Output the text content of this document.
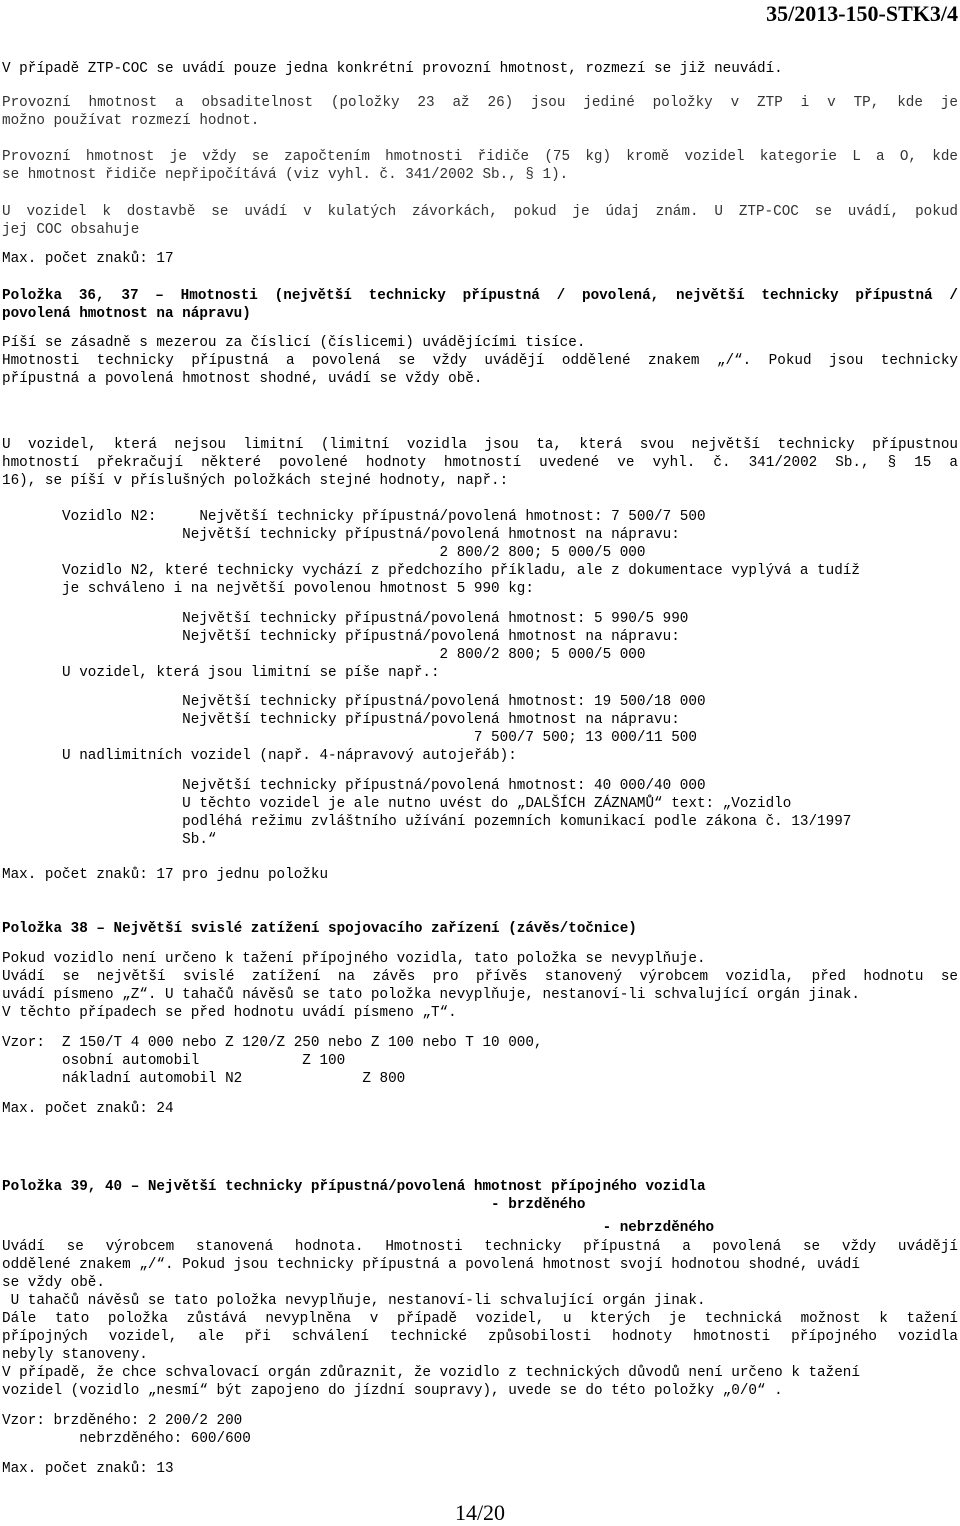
35/2013-150-STK3/4
V případě ZTP-COC se uvádí pouze jedna konkrétní provozní hmotnost, rozmezí se již neuvádí.
Provozní hmotnost a obsaditelnost (položky 23 až 26) jsou jediné položky v ZTP i v TP, kde je
možno používat rozmezí hodnot.
Provozní hmotnost je vždy se započtením hmotnosti řidiče (75 kg) kromě vozidel kategorie L a O, kde
se hmotnost řidiče nepřipočítává (viz vyhl. č. 341/2002 Sb., § 1).
U vozidel k dostavbě se uvádí v kulatých závorkách, pokud je údaj znám. U ZTP-COC se uvádí, pokud
jej COC obsahuje
Max. počet znaků: 17
Položka 36, 37 – Hmotnosti (největší technicky přípustná / povolená, největší technicky přípustná /
povolená hmotnost na nápravu)
Píší se zásadně s mezerou za číslicí (číslicemi) uvádějícími tisíce.
Hmotnosti technicky přípustná a povolená se vždy uvádějí oddělené znakem „/“. Pokud jsou technicky
přípustná a povolená hmotnost shodné, uvádí se vždy obě.
U vozidel, která nejsou limitní (limitní vozidla jsou ta, která svou největší technicky přípustnou
hmotností překračují některé povolené hodnoty hmotností uvedené ve vyhl. č. 341/2002 Sb., § 15 a
16), se píší v příslušných položkách stejné hodnoty, např.:
Vozidlo N2:     Největší technicky přípustná/povolená hmotnost: 7 500/7 500
Největší technicky přípustná/povolená hmotnost na nápravu:
2 800/2 800; 5 000/5 000
Vozidlo N2, které technicky vychází z předchozího příkladu, ale z dokumentace vyplývá a tudíž
je schváleno i na největší povolenou hmotnost 5 990 kg:
Největší technicky přípustná/povolená hmotnost: 5 990/5 990
Největší technicky přípustná/povolená hmotnost na nápravu:
2 800/2 800; 5 000/5 000
U vozidel, která jsou limitní se píše např.:
Největší technicky přípustná/povolená hmotnost: 19 500/18 000
Největší technicky přípustná/povolená hmotnost na nápravu:
7 500/7 500; 13 000/11 500
U nadlimitních vozidel (např. 4-nápravový autojeřáb):
Největší technicky přípustná/povolená hmotnost: 40 000/40 000
U těchto vozidel je ale nutno uvést do „DALŠÍCH ZÁZNAMŮ“ text: „Vozidlo
podléhá režimu zvláštního užívání pozemních komunikací podle zákona č. 13/1997
Sb.“
Max. počet znaků: 17 pro jednu položku
Položka 38 – Největší svislé zatížení spojovacího zařízení (závěs/točnice)
Pokud vozidlo není určeno k tažení přípojného vozidla, tato položka se nevyplňuje.
Uvádí se největší svislé zatížení na závěs pro přívěs stanovený výrobcem vozidla, před hodnotu se
uvádí písmeno „Z“. U tahačů návěsů se tato položka nevyplňuje, nestanoví-li schvalující orgán jinak.
V těchto případech se před hodnotu uvádí písmeno „T“.
Vzor:  Z 150/T 4 000 nebo Z 120/Z 250 nebo Z 100 nebo T 10 000,
osobní automobil            Z 100
nákladní automobil N2              Z 800
Max. počet znaků: 24
Položka 39, 40 – Největší technicky přípustná/povolená hmotnost přípojného vozidla
- brzděného
- nebrzděného
Uvádí se výrobcem stanovená hodnota. Hmotnosti technicky přípustná a povolená se vždy uvádějí
oddělené znakem „/“. Pokud jsou technicky přípustná a povolená hmotnost svojí hodnotou shodné, uvádí
se vždy obě.
U tahačů návěsů se tato položka nevyplňuje, nestanoví-li schvalující orgán jinak.
Dále tato položka zůstává nevyplněna v případě vozidel, u kterých je technická možnost k tažení
přípojných vozidel, ale při schválení technické způsobilosti hodnoty hmotnosti přípojného vozidla
nebyly stanoveny.
V případě, že chce schvalovací orgán zdůraznit, že vozidlo z technických důvodů není určeno k tažení
vozidel (vozidlo „nesmí“ být zapojeno do jízdní soupravy), uvede se do této položky „0/0“ .
Vzor: brzděného: 2 200/2 200
nebrzděného: 600/600
Max. počet znaků: 13
14/20
